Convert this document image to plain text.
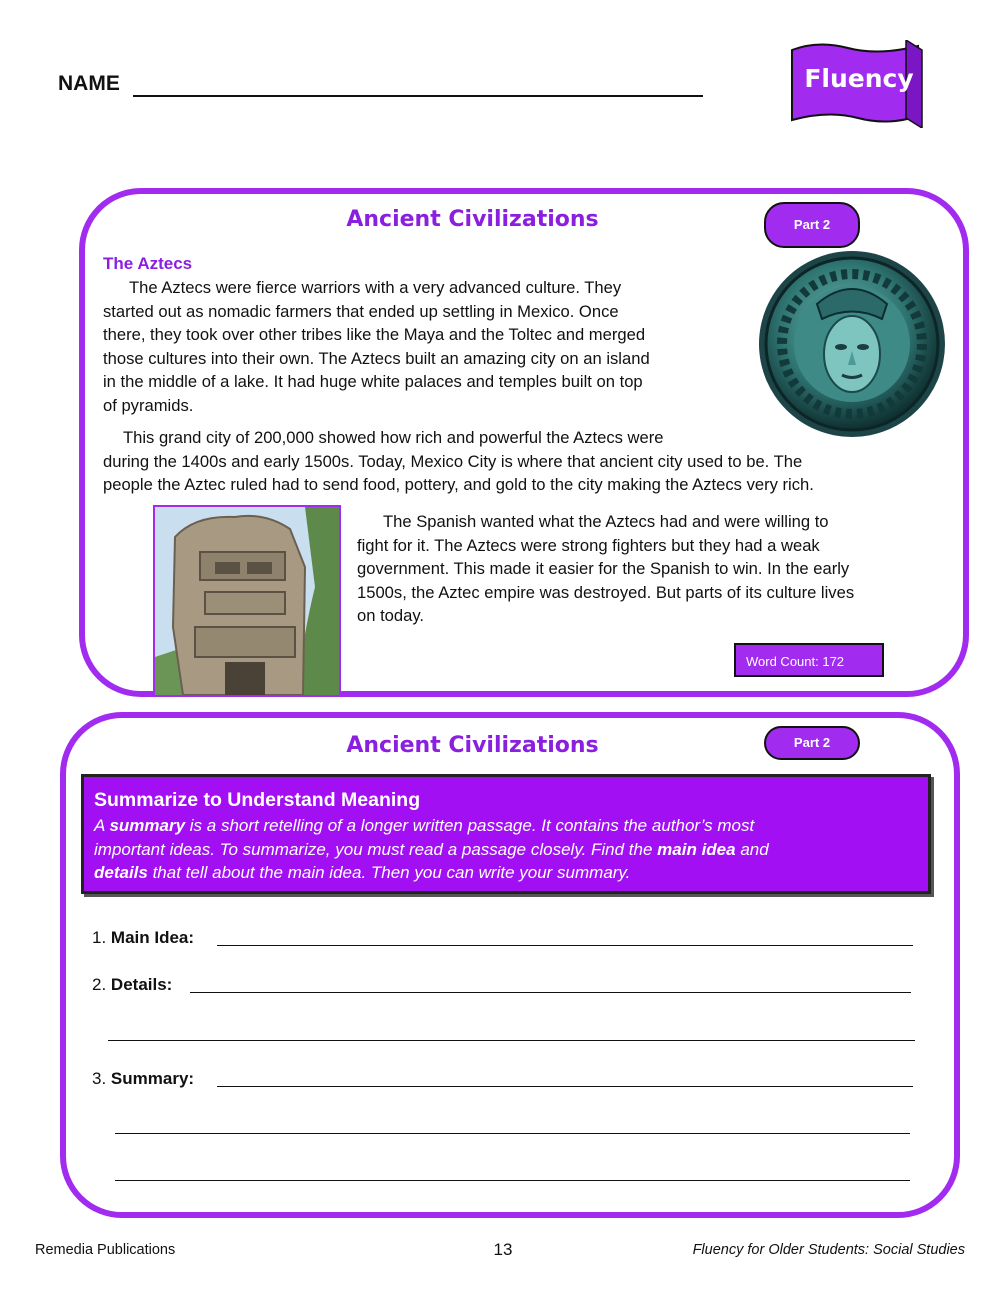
NAME	Fluency
Ancient Civilizations	Part 2
The Aztecs
The Aztecs were fierce warriors with a very advanced culture. They
started out as nomadic farmers that ended up settling in Mexico. Once
there, they took over other tribes like the Maya and the Toltec and merged
those cultures into their own. The Aztecs built an amazing city on an island
in the middle of a lake. It had huge white palaces and temples built on top
of pyramids.
This grand city of 200,000 showed how rich and powerful the Aztecs were
during the 1400s and early 1500s. Today, Mexico City is where that ancient city used to be. The
people the Aztec ruled had to send food, pottery, and gold to the city making the Aztecs very rich.
The Spanish wanted what the Aztecs had and were willing to
fight for it. The Aztecs were strong fighters but they had a weak
government. This made it easier for the Spanish to win. In the early
1500s, the Aztec empire was destroyed. But parts of its culture lives
on today.
Word Count: 172
Ancient Civilizations	Part 2
Summarize to Understand Meaning
A summary is a short retelling of a longer written passage. It contains the author’s most
important ideas. To summarize, you must read a passage closely. Find the main idea and
details that tell about the main idea. Then you can write your summary.
1. Main Idea:
2. Details:
3. Summary:
Remedia Publications	13	Fluency for Older Students: Social Studies
